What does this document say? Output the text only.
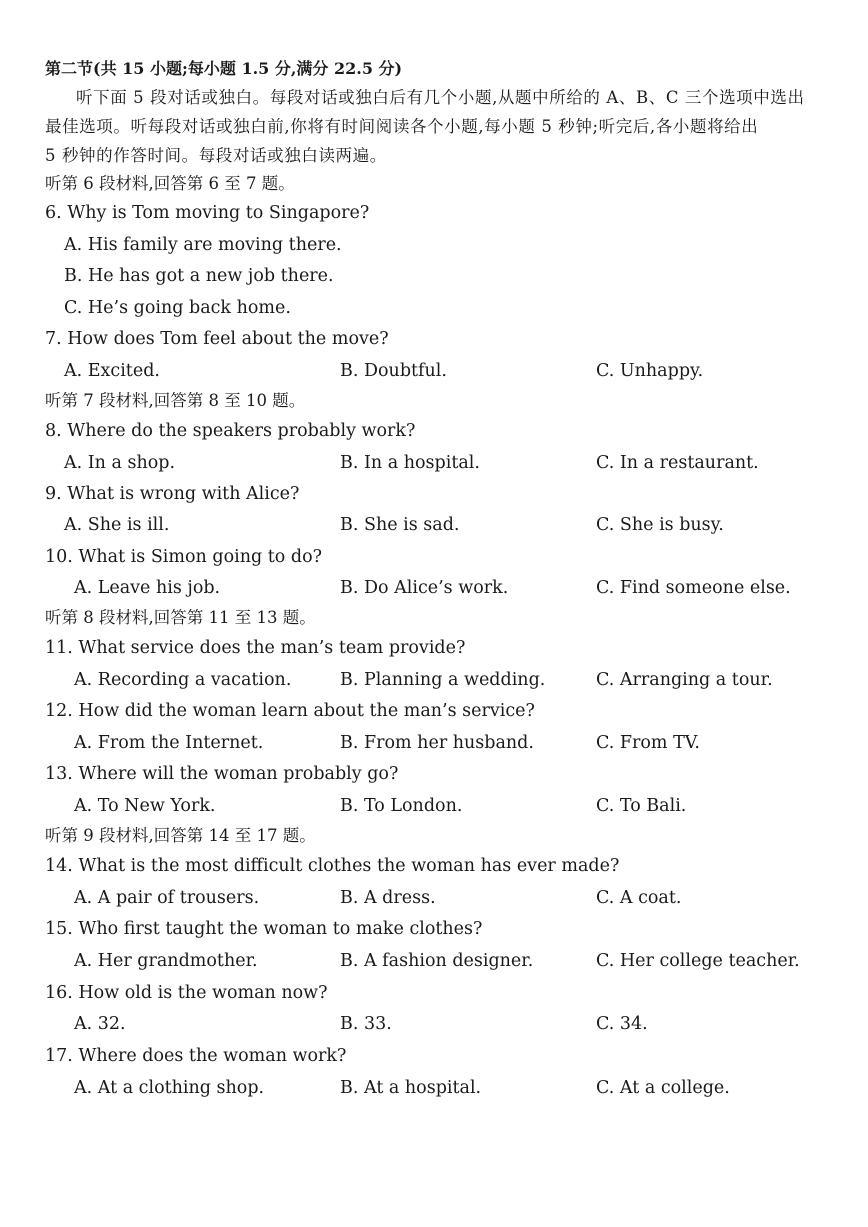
第二节(共 15 小题;每小题 1.5 分,满分 22.5 分)
听下面 5 段对话或独白。每段对话或独白后有几个小题,从题中所给的 A、B、C 三个选项中选出
最佳选项。听每段对话或独白前,你将有时间阅读各个小题,每小题 5 秒钟;听完后,各小题将给出
5 秒钟的作答时间。每段对话或独白读两遍。
听第 6 段材料,回答第 6 至 7 题。
6. Why is Tom moving to Singapore?
A. His family are moving there.
B. He has got a new job there.
C. He’s going back home.
7. How does Tom feel about the move?
A. Excited.	B. Doubtful.	C. Unhappy.
听第 7 段材料,回答第 8 至 10 题。
8. Where do the speakers probably work?
A. In a shop.	B. In a hospital.	C. In a restaurant.
9. What is wrong with Alice?
A. She is ill.	B. She is sad.	C. She is busy.
10. What is Simon going to do?
A. Leave his job.	B. Do Alice’s work.	C. Find someone else.
听第 8 段材料,回答第 11 至 13 题。
11. What service does the man’s team provide?
A. Recording a vacation.	B. Planning a wedding.	C. Arranging a tour.
12. How did the woman learn about the man’s service?
A. From the Internet.	B. From her husband.	C. From TV.
13. Where will the woman probably go?
A. To New York.	B. To London.	C. To Bali.
听第 9 段材料,回答第 14 至 17 题。
14. What is the most difficult clothes the woman has ever made?
A. A pair of trousers.	B. A dress.	C. A coat.
15. Who first taught the woman to make clothes?
A. Her grandmother.	B. A fashion designer.	C. Her college teacher.
16. How old is the woman now?
A. 32.	B. 33.	C. 34.
17. Where does the woman work?
A. At a clothing shop.	B. At a hospital.	C. At a college.
